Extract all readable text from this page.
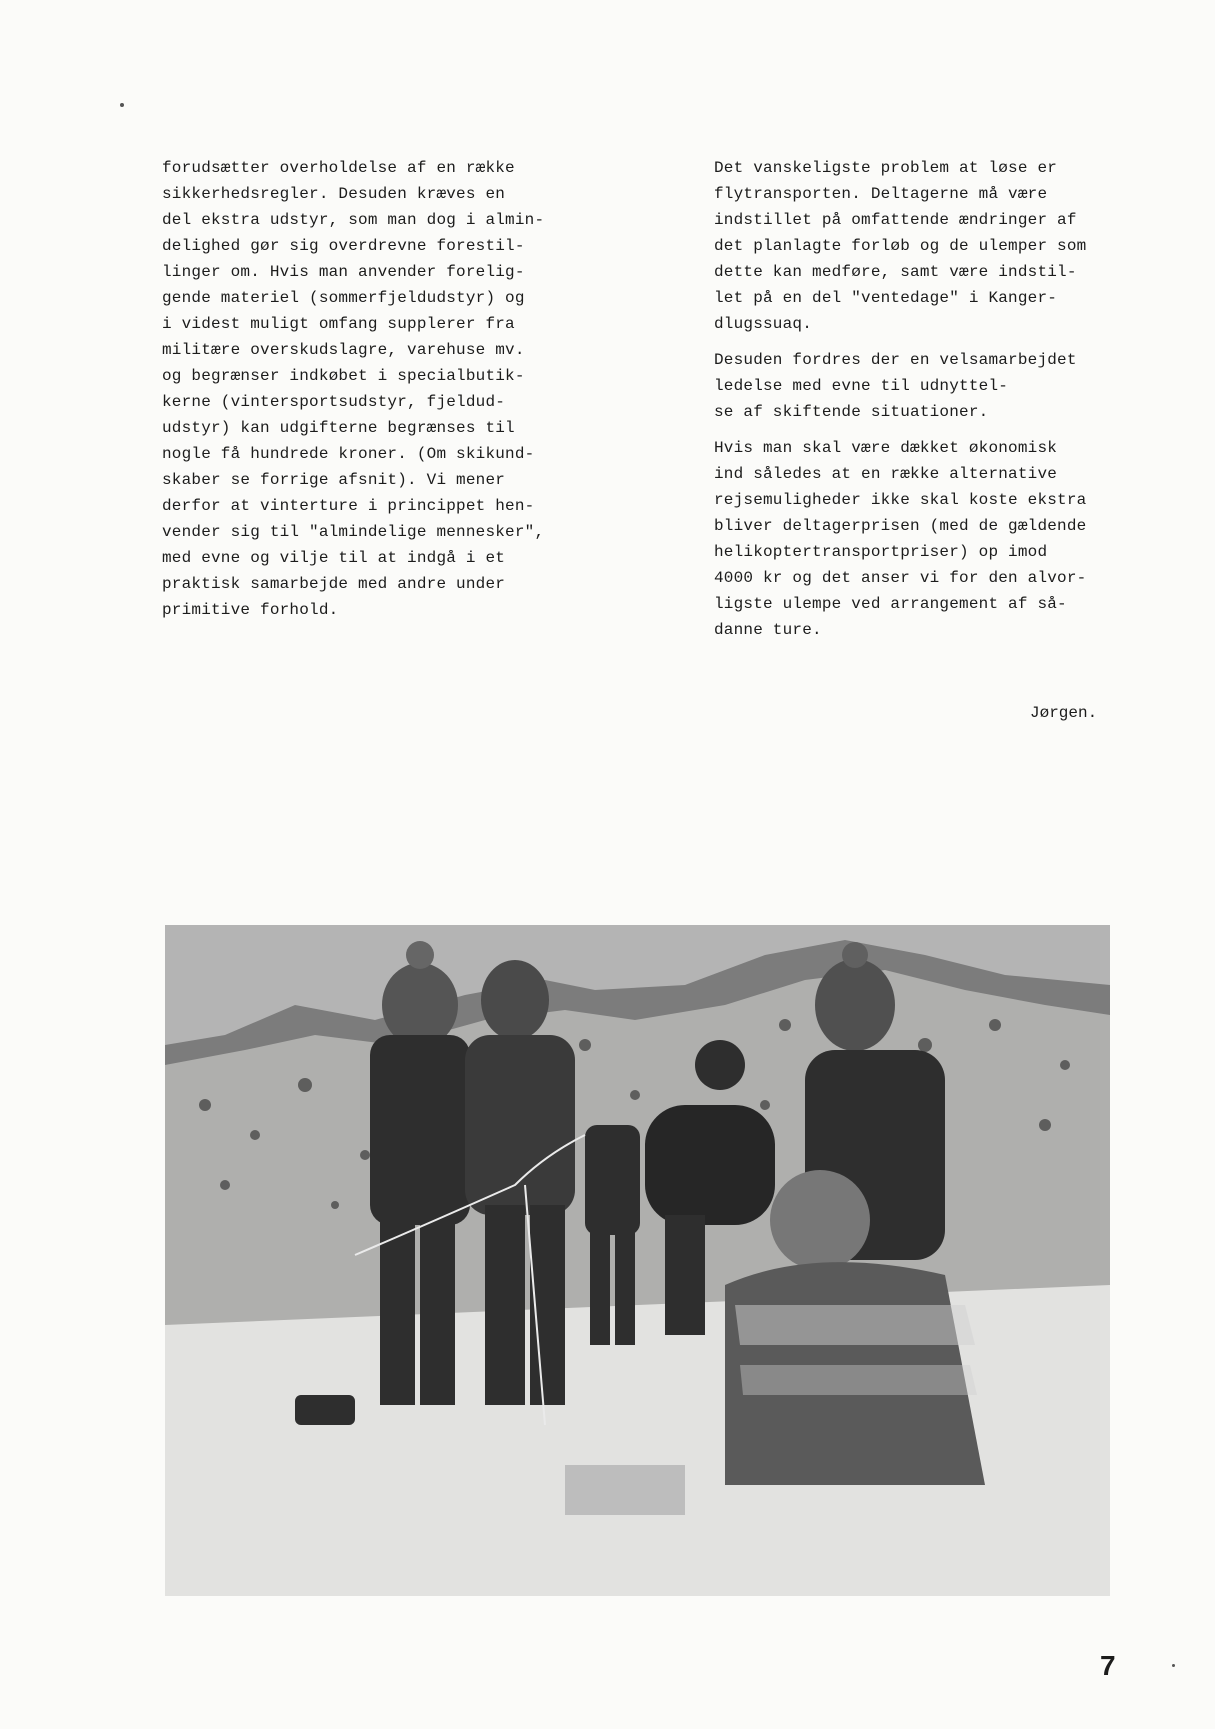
forudsætter overholdelse af en række
sikkerhedsregler. Desuden kræves en
del ekstra udstyr, som man dog i almin-
delighed gør sig overdrevne forestil-
linger om. Hvis man anvender forelig-
gende materiel (sommerfjeldudstyr) og
i videst muligt omfang supplerer fra
militære overskudslagre, varehuse mv.
og begrænser indkøbet i specialbutik-
kerne (vintersportsudstyr, fjeldud-
udstyr) kan udgifterne begrænses til
nogle få hundrede kroner. (Om skikund-
skaber se forrige afsnit). Vi mener
derfor at vinterture i princippet hen-
vender sig til "almindelige mennesker",
med evne og vilje til at indgå i et
praktisk samarbejde med andre under
primitive forhold.
Det vanskeligste problem at løse er
flytransporten. Deltagerne må være
indstillet på omfattende ændringer af
det planlagte forløb og de ulemper som
dette kan medføre, samt være indstil-
let på en del "ventedage" i Kanger-
dlugssuaq.
Desuden fordres der en velsamarbejdet
ledelse med evne til udnyttel-
se af skiftende situationer.
Hvis man skal være dækket økonomisk
ind således at en række alternative
rejsemuligheder ikke skal koste ekstra
bliver deltagerprisen (med de gældende
helikoptertransportpriser) op imod
4000 kr og det anser vi for den alvor-
ligste ulempe ved arrangement af så-
danne ture.
Jørgen.
7
